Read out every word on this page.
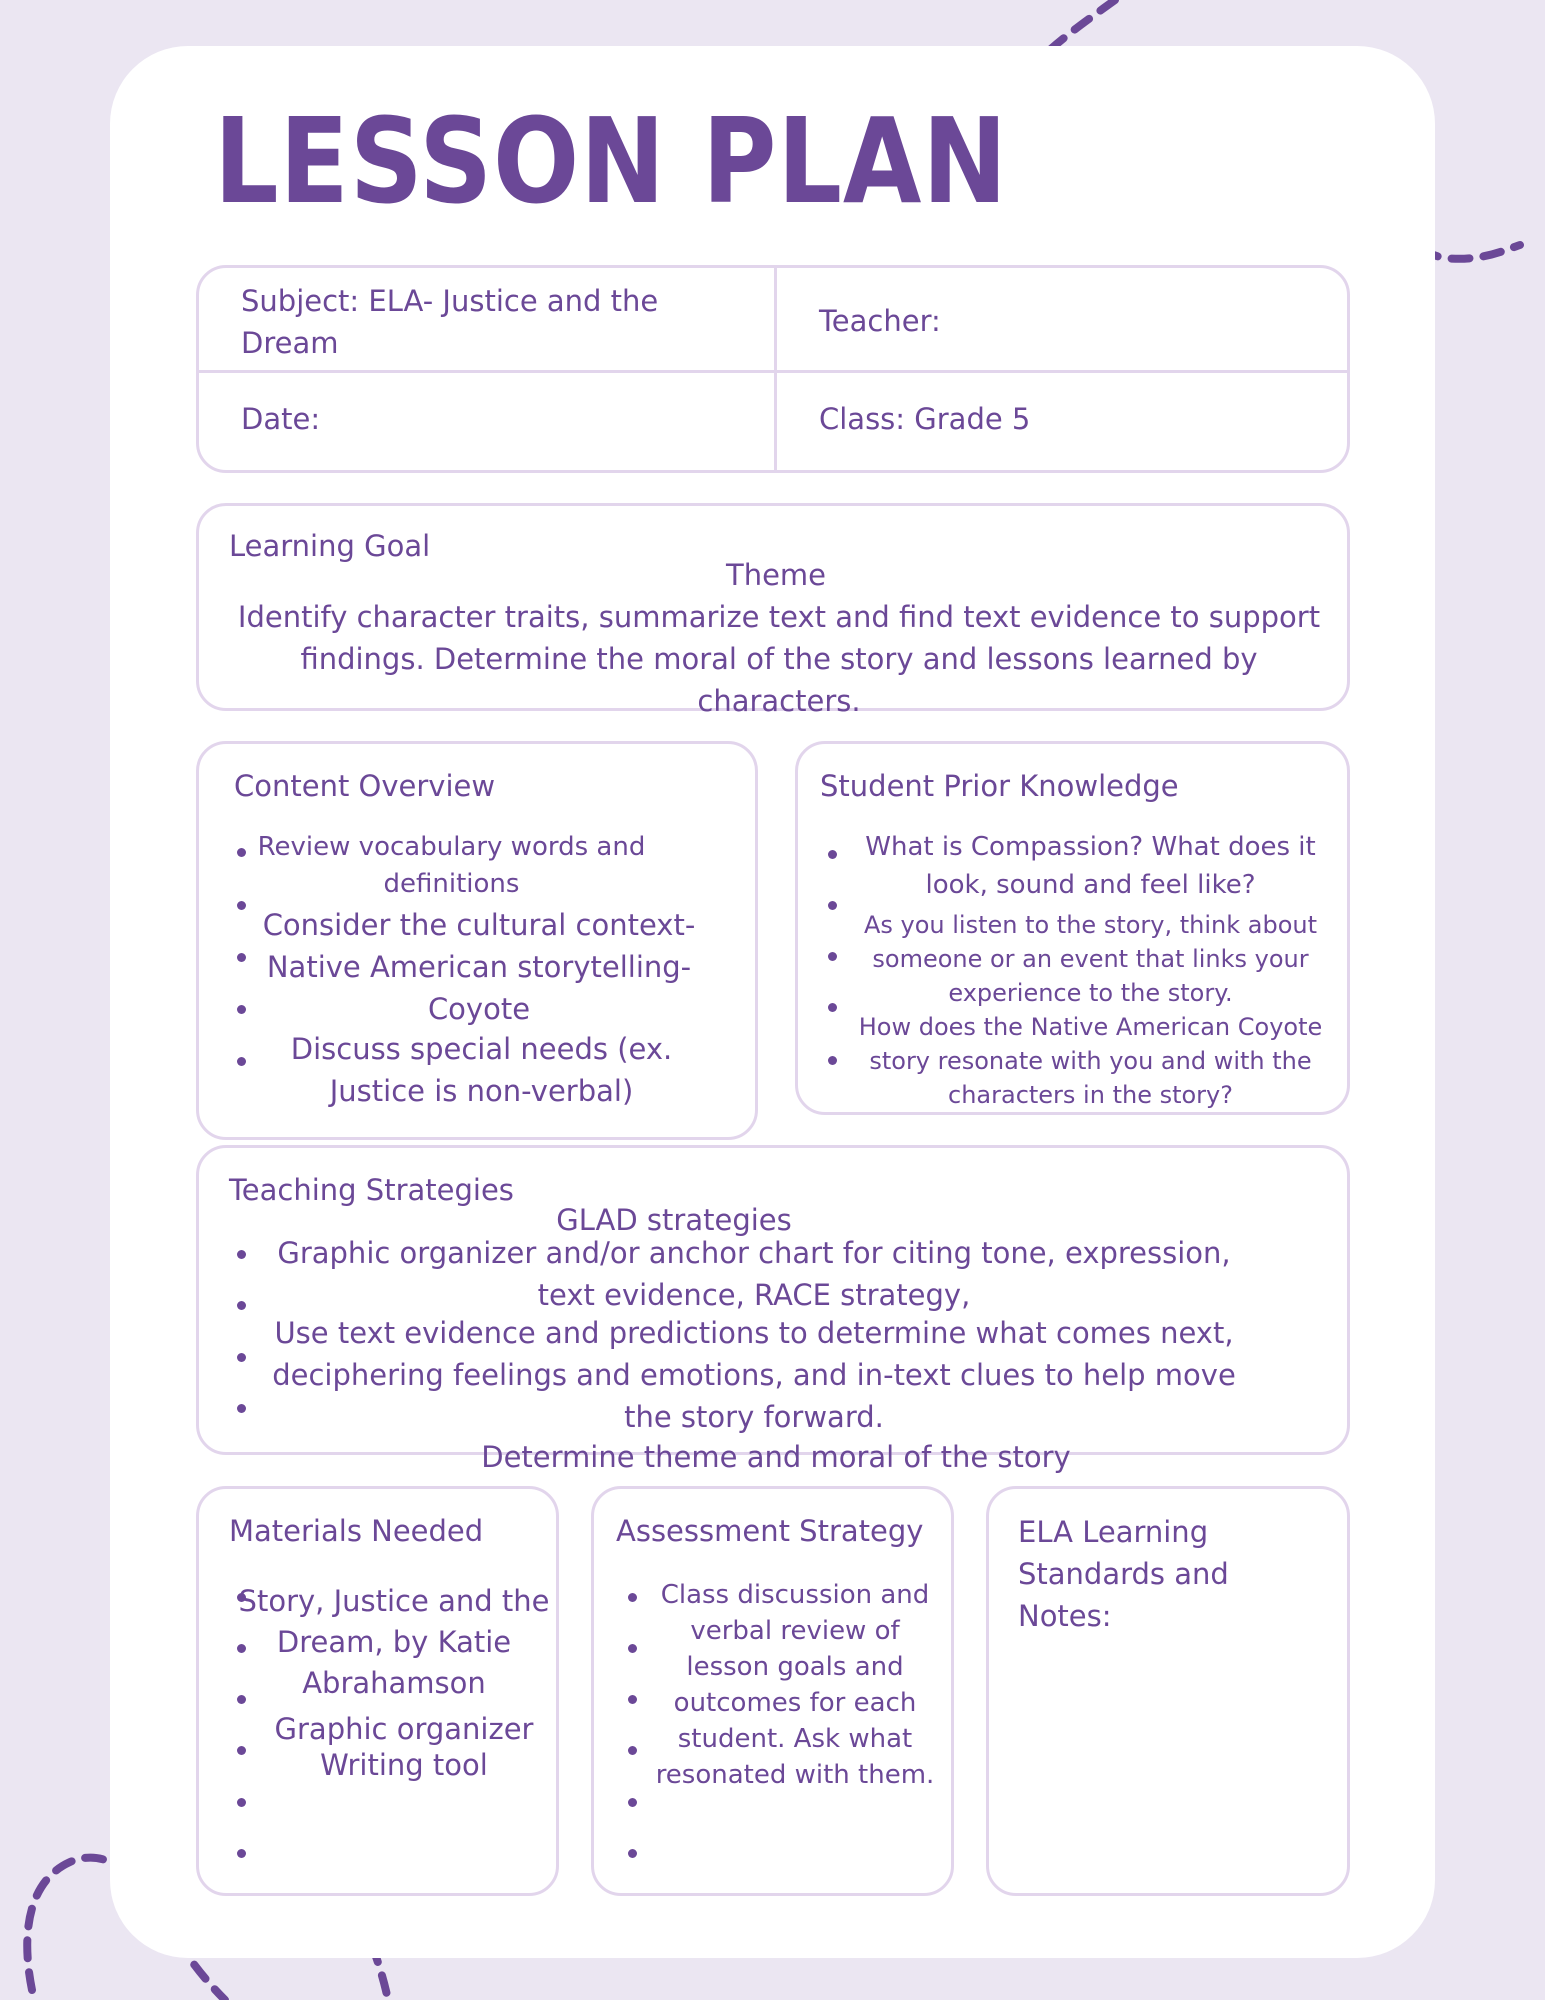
LESSON PLAN
Subject: ELA- Justice and the Dream
Teacher:
Date:	Class: Grade 5
Learning Goal
Theme
Identify character traits, summarize text and find text evidence to support findings. Determine the moral of the story and lessons learned by characters.
Content Overview
Review vocabulary words and definitions
Consider the cultural context- Native American storytelling- Coyote
Discuss special needs (ex. Justice is non-verbal)
Student Prior Knowledge
What is Compassion? What does it look, sound and feel like?
As you listen to the story, think about someone or an event that links your experience to the story.
How does the Native American Coyote story resonate with you and with the characters in the story?
Teaching Strategies
GLAD strategies
Graphic organizer and/or anchor chart for citing tone, expression, text evidence, RACE strategy,
Use text evidence and predictions to determine what comes next, deciphering feelings and emotions, and in-text clues to help move the story forward.
Determine theme and moral of the story
Materials Needed
Story, Justice and the Dream, by Katie Abrahamson
Graphic organizer
Writing tool
Assessment Strategy
Class discussion and verbal review of lesson goals and outcomes for each student. Ask what resonated with them.
ELA Learning Standards and Notes:
